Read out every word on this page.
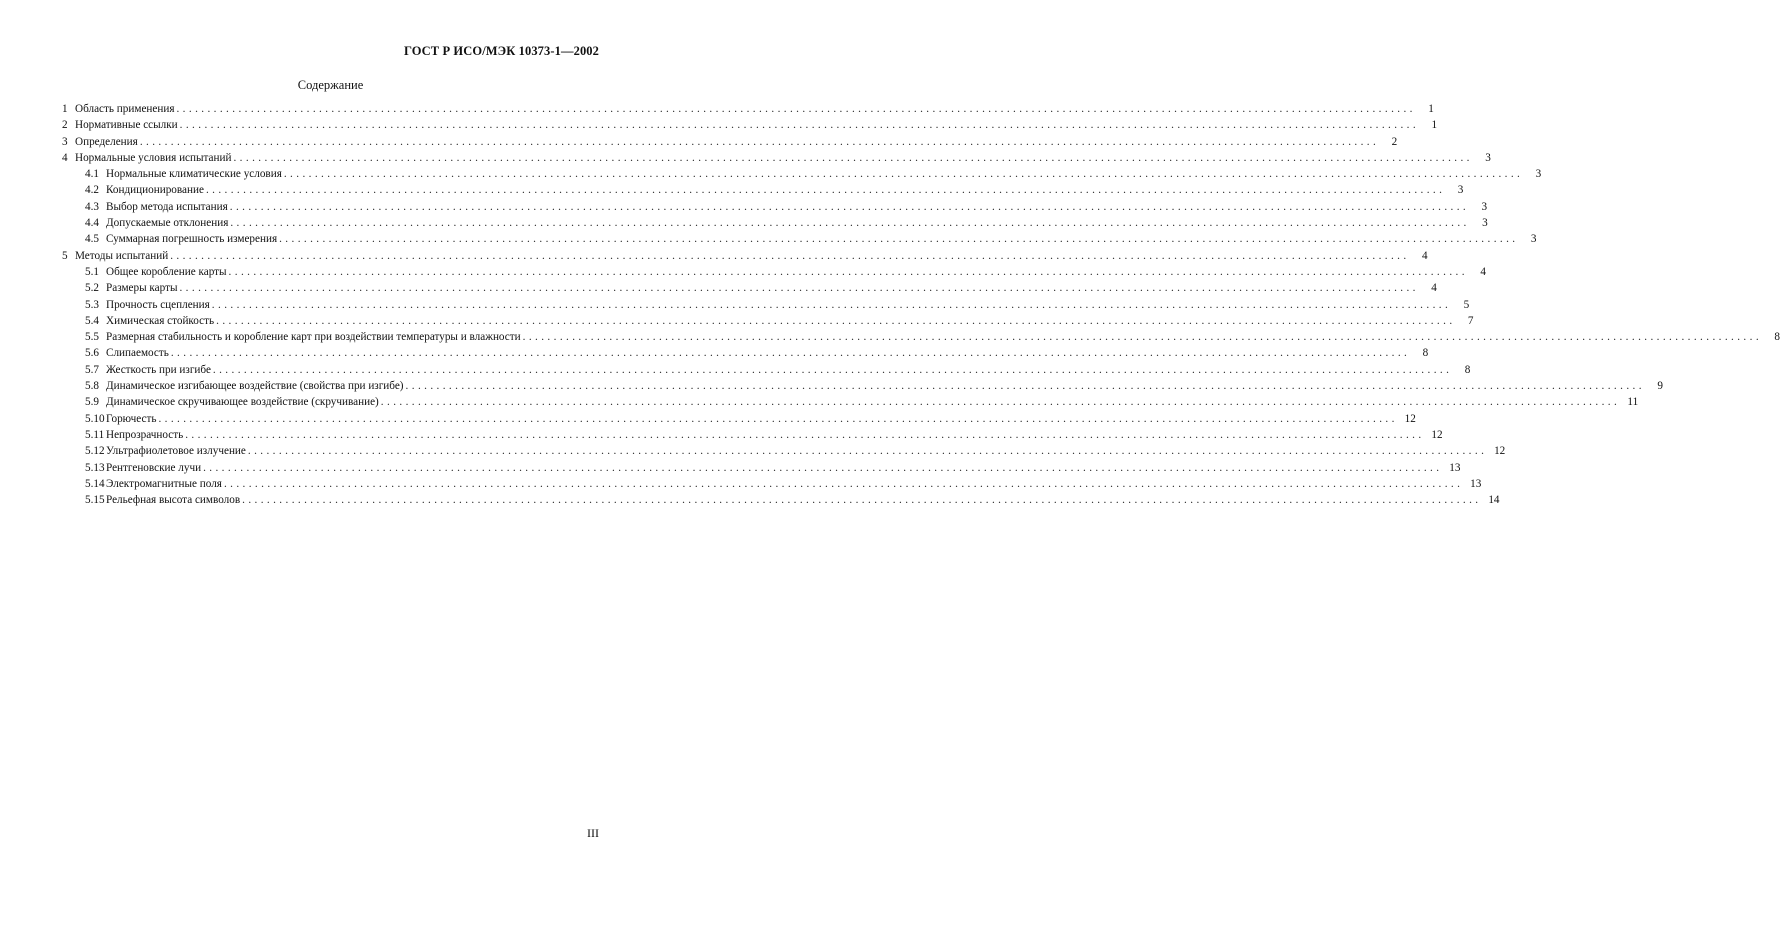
ГОСТ Р ИСО/МЭК 10373-1—2002
Содержание
1 Область применения ........................................................................................................................................................................................................	1
2 Нормативные ссылки ........................................................................................................................................................................................................	1
3 Определения ........................................................................................................................................................................................................	2
4 Нормальные условия испытаний ........................................................................................................................................................................................................	3
4.1 Нормальные климатические условия ........................................................................................................................................................................................................	3
4.2 Кондиционирование ........................................................................................................................................................................................................	3
4.3 Выбор метода испытания ........................................................................................................................................................................................................	3
4.4 Допускаемые отклонения ........................................................................................................................................................................................................	3
4.5 Суммарная погрешность измерения ........................................................................................................................................................................................................	3
5 Методы испытаний ........................................................................................................................................................................................................	4
5.1 Общее коробление карты ........................................................................................................................................................................................................	4
5.2 Размеры карты ........................................................................................................................................................................................................	4
5.3 Прочность сцепления ........................................................................................................................................................................................................	5
5.4 Химическая стойкость ........................................................................................................................................................................................................	7
5.5 Размерная стабильность и коробление карт при воздействии температуры и влажности ........................................................................................................................................................................................................	8
5.6 Слипаемость ........................................................................................................................................................................................................	8
5.7 Жесткость при изгибе ........................................................................................................................................................................................................	8
5.8 Динамическое изгибающее воздействие (свойства при изгибе) ........................................................................................................................................................................................................	9
5.9 Динамическое скручивающее воздействие (скручивание) ........................................................................................................................................................................................................ 11
5.10 Горючесть ........................................................................................................................................................................................................ 12
5.11 Непрозрачность ........................................................................................................................................................................................................ 12
5.12 Ультрафиолетовое излучение ........................................................................................................................................................................................................ 12
5.13 Рентгеновские лучи ........................................................................................................................................................................................................ 13
5.14 Электромагнитные поля ........................................................................................................................................................................................................ 13
5.15 Рельефная высота символов ........................................................................................................................................................................................................ 14
III
